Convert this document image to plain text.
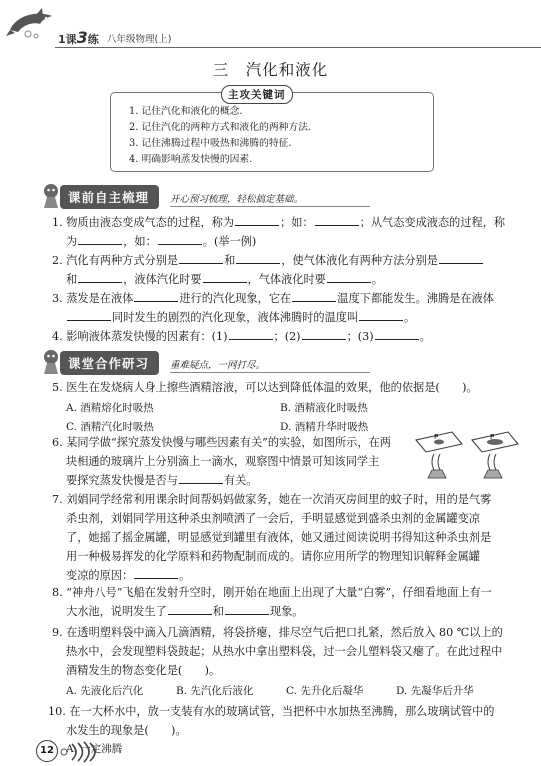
1课3练 八年级物理(上)
三　汽化和液化
主攻关键词
1. 记住汽化和液化的概念.
2. 记住汽化的两种方式和液化的两种方法.
3. 记住沸腾过程中吸热和沸腾的特征.
4. 明确影响蒸发快慢的因素.
课前自主梳理	开心预习梳理，轻松搞定基础。
1. 物质由液态变成气态的过程，称为	；如：	；从气态变成液态的过程，称
为	，如：	。(举一例)
2. 汽化有两种方式分别是	和	，使气体液化有两种方法分别是
和	，液体汽化时要	，气体液化时要	。
3. 蒸发是在液体	进行的汽化现象，它在	温度下都能发生。沸腾是在液体
同时发生的剧烈的汽化现象，液体沸腾时的温度叫	。
4. 影响液体蒸发快慢的因素有：(1)	；(2)	；(3)	。
课堂合作研习	重难疑点，一网打尽。
5. 医生在发烧病人身上擦些酒精溶液，可以达到降低体温的效果，他的依据是(　　)。
A. 酒精熔化时吸热	B. 酒精液化时吸热
C. 酒精汽化时吸热	D. 酒精升华时吸热
6. 某同学做“探究蒸发快慢与哪些因素有关”的实验，如图所示，在两
块相通的玻璃片上分别滴上一滴水，观察图中情景可知该同学主
要探究蒸发快慢是否与	有关。
P	P
7. 刘娟同学经常利用课余时间帮妈妈做家务，她在一次消灭房间里的蚊子时，用的是气雾
杀虫剂，刘娟同学用这种杀虫剂喷洒了一会后，手明显感觉到盛杀虫剂的金属罐变凉
了，她摇了摇金属罐，明显感觉到罐里有液体，她又通过阅读说明书得知这种杀虫剂是
用一种极易挥发的化学原料和药物配制而成的。请你应用所学的物理知识解释金属罐
变凉的原因：	。
8. “神舟八号”飞船在发射升空时，刚开始在地面上出现了大量“白雾”，仔细看地面上有一
大水池，说明发生了	和	现象。
9. 在透明塑料袋中滴入几滴酒精，将袋挤瘪，排尽空气后把口扎紧，然后放入 80 ℃以上的
热水中，会发现塑料袋鼓起；从热水中拿出塑料袋，过一会儿塑料袋又瘪了。在此过程中
酒精发生的物态变化是(　　)。
A. 先液化后汽化	B. 先汽化后液化	C. 先升化后凝华	D. 先凝华后升华
10. 在一大杯水中，放一支装有水的玻璃试管，当把杯中水加热至沸腾，那么玻璃试管中的
水发生的现象是(　　)。
A. 一定沸腾
12
